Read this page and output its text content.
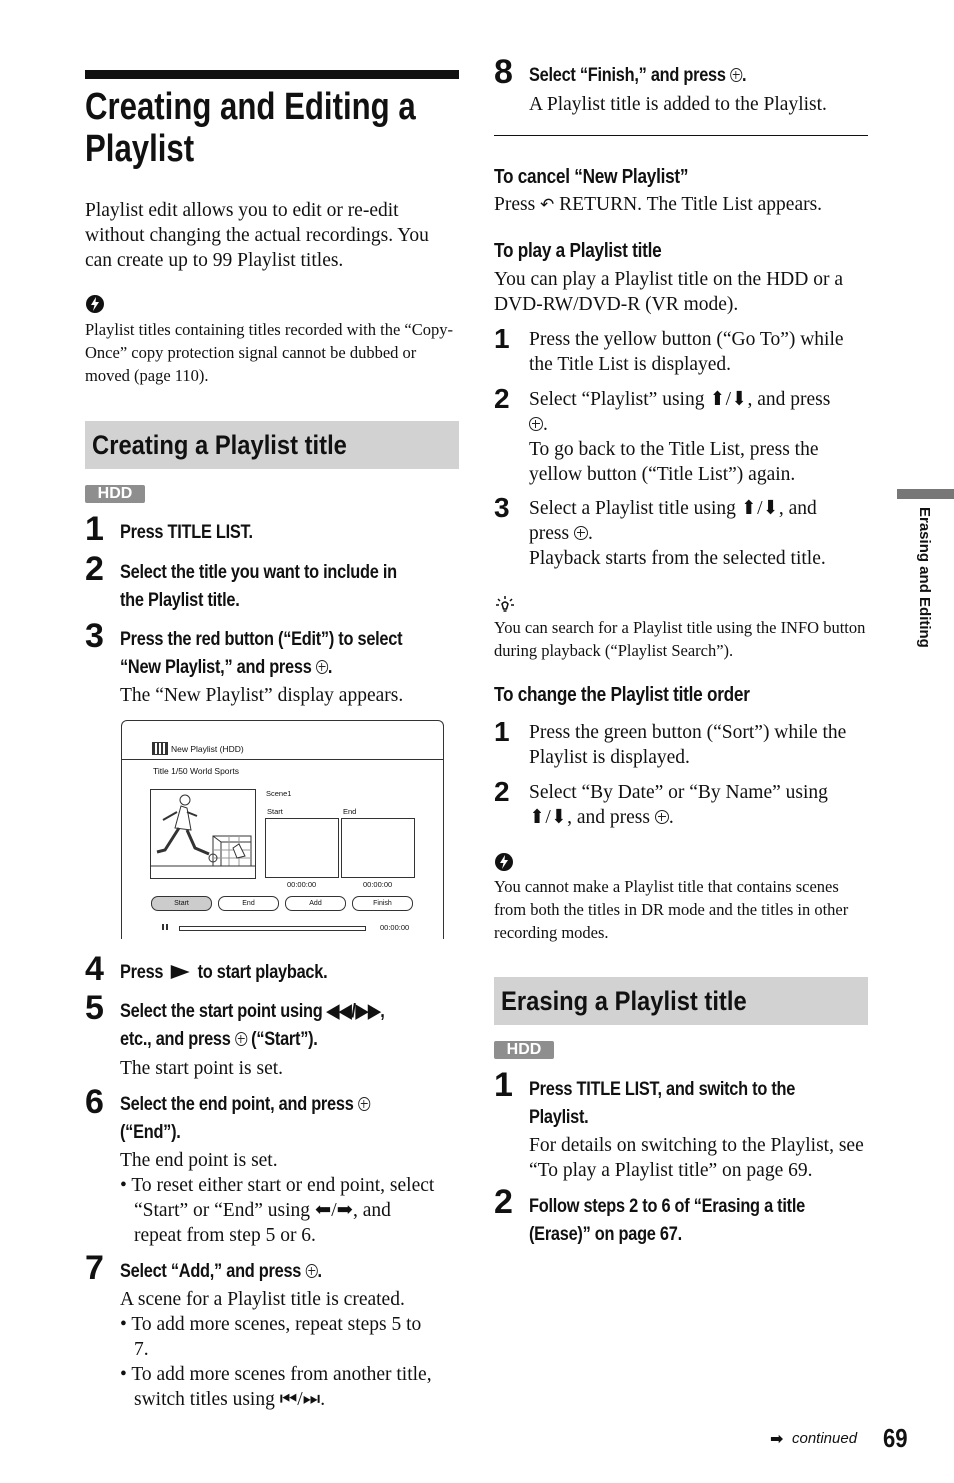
Creating and Editing a
Playlist
Playlist edit allows you to edit or re-edit without changing the actual recordings. You can create up to 99 Playlist titles.
Playlist titles containing titles recorded with the “Copy-Once” copy protection signal cannot be dubbed or moved (page 110).
Creating a Playlist title
HDD
1 Press TITLE LIST.
2 Select the title you want to include in
the Playlist title.
3 Press the red button (“Edit”) to select
“New Playlist,” and press .
The “New Playlist” display appears.
New Playlist (HDD)
Title 1/50 World Sports
Scene1
Start	End
00:00:00	00:00:00
Start	End	Add	Finish
00:00:00
4 Press to start playback.
5 Select the start point using ◀◀/▶▶,
etc., and press (“Start”).
The start point is set.
6 Select the end point, and press
(“End”).
The end point is set.
• To reset either start or end point, select
“Start” or “End” using ⬅/➡, and
repeat from step 5 or 6.
7 Select “Add,” and press .
A scene for a Playlist title is created.
• To add more scenes, repeat steps 5 to
7.
• To add more scenes from another title,
switch titles using ⏮/⏭.
8 Select “Finish,” and press .
A Playlist title is added to the Playlist.
To cancel “New Playlist”
Press ↶ RETURN. The Title List appears.
To play a Playlist title
You can play a Playlist title on the HDD or a DVD-RW/DVD-R (VR mode).
1 Press the yellow button (“Go To”) while the Title List is displayed.
2 Select “Playlist” using ⬆/⬇, and press
.
To go back to the Title List, press the yellow button (“Title List”) again.
3 Select a Playlist title using ⬆/⬇, and
press .
Playback starts from the selected title.
You can search for a Playlist title using the INFO button during playback (“Playlist Search”).
To change the Playlist title order
1 Press the green button (“Sort”) while the Playlist is displayed.
2 Select “By Date” or “By Name” using
⬆/⬇, and press .
You cannot make a Playlist title that contains scenes from both the titles in DR mode and the titles in other recording modes.
Erasing a Playlist title
HDD
1 Press TITLE LIST, and switch to the
Playlist.
For details on switching to the Playlist, see “To play a Playlist title” on page 69.
2 Follow steps 2 to 6 of “Erasing a title
(Erase)” on page 67.
Erasing and Editing
➡ continued 69
